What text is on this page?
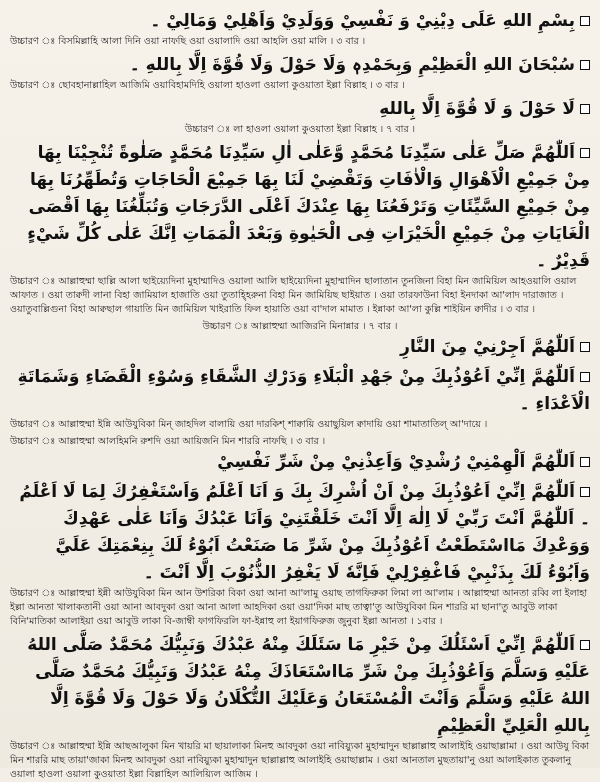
بِسْمِ اللهِ عَلَى دِيْنِيْ وَ نَفْسِيْ وَوَلَدِيْ وَاَهْلِيْ وَمَالِيْ ۔
উচ্চারণ ঃ বিসমিল্লাহি আলা দিনি ওয়া নাফছি ওয়া ওয়ালাদি ওয়া আহলি ওয়া মালি । ৩ বার ।
سُبْحَانَ اللهِ الْعَظِيْمِ وَبِحَمْدِهٖ وَلَا حَوْلَ وَلَا قُوَّةَ اِلَّا بِاللهِ ۔
উচ্চারণ ঃ ছোবহানাল্লাহিল আজিমি ওয়াবিহামদিহি ওয়ালা হাওলা ওয়ালা কুওয়াতা ইল্লা বিল্লাহ । ৩ বার ।
لَا حَوْلَ وَ لَا قُوَّةَ اِلَّا بِاللهِ
উচ্চারণ ঃ লা হাওলা ওয়ালা কুওয়াতা ইল্লা বিল্লাহ । ৭ বার ।
اَللّٰهُمَّ صَلِّ عَلٰى سَيِّدِنَا مُحَمَّدٍ وَّعَلٰى اٰلِ سَيِّدِنَا مُحَمَّدٍ صَلٰوةً تُنْجِيْنَا بِهَا مِنْ جَمِيْعِ الْاَهْوَالِ وَالْاٰفَاتِ وَتَقْضِيْ لَنَا بِهَا جَمِيْعَ الْحَاجَاتِ وَتُطَهِّرُنَا بِهَا مِنْ جَمِيْعِ السَّيِّئَاتِ وَتَرْفَعُنَا بِهَا عِنْدَكَ اَعْلَى الدَّرَجَاتِ وَتُبَلِّغُنَا بِهَا اَقْصَى الْغَايَاتِ مِنْ جَمِيْعِ الْخَيْرَاتِ فِى الْحَيٰوةِ وَبَعْدَ الْمَمَاتِ اِنَّكَ عَلٰى كُلِّ شَيْءٍ قَدِيْرٌ ۔
উচ্চারণ ঃ আল্লাহুম্মা ছাল্লি আলা ছাইয়্যেদিনা মুহাম্মাদিও ওয়ালা আলি ছাইয়্যেদিনা মুহাম্মাদিন ছালাতান তুনজিনা বিহা মিন জামিয়িল আহওয়ালি ওয়াল আফাত । ওয়া তাক্বদী লানা বিহা জামিয়াল হাজাতি ওয়া তুতাহ্হিরুনা বিহা মিন জামিয়িছ ছাইয়াত । ওয়া তারফাউনা বিহা ইনদাকা আ'লাদ দারাজাত । ওয়াতুবাল্লিগুনা বিহা আক্বছাল গায়াতি মিন জামিয়িল খাইরাতি ফিল হায়াতি ওয়া বা'দাল মামাত । ইন্নাকা আ'লা কুল্লি শাইয়িন ক্বাদীর । ৩ বার ।
উচ্চারণ ঃ আল্লাহুম্মা আজিরনি মিনান্নার । ৭ বার ।
اَللّٰهُمَّ اَجِرْنِيْ مِنَ النَّارِ
اَللّٰهُمَّ اِنِّيْ اَعُوْذُبِكَ مِنْ جَهْدِ الْبَلَاءِ وَدَرْكِ الشَّقَاءِ وَسُوْءِ الْقَضَاءِ وَشَمَاتَةِ الْاَعْدَاءِ ۔
উচ্চারণ ঃ আল্লাহুম্মা ইন্নি আউযুবিকা মিন্ জাহদিল বালায়ি ওয়া দারকিশ্ শাক্বায়ি ওয়াছুয়িল ক্বাদায়ি ওয়া শামাতাতিল্ আ'দায়ে ।
উচ্চারণ ঃ আল্লাহুম্মা আলহিমনি রুশদি ওয়া আয়িজনি মিন শাররি নাফছি । ৩ বার ।
اَللّٰهُمَّ اَلْهِمْنِيْ رُشْدِيْ وَاَعِذْنِيْ مِنْ شَرِّ نَفْسِيْ
اَللّٰهُمَّ اِنِّيْ اَعُوْذُبِكَ مِنْ اَنْ اُشْرِكَ بِكَ وَ اَنَا اَعْلَمُ وَاَسْتَغْفِرُكَ لِمَا لَا اَعْلَمُ ۔ اَللّٰهُمَّ اَنْتَ رَبِّيْ لَا اِلٰهَ اِلَّا اَنْتَ خَلَقْتَنِيْ وَاَنَا عَبْدُكَ وَاَنَا عَلٰى عَهْدِكَ وَوَعْدِكَ مَااسْتَطَعْتُ اَعُوْذُبِكَ مِنْ شَرِّ مَا صَنَعْتُ اَبُوْءُ لَكَ بِنِعْمَتِكَ عَلَيَّ وَاَبُوْءُ لَكَ بِذَنْبِيْ فَاغْفِرْلِيْ فَاِنَّهٗ لَا يَغْفِرُ الذُّنُوْبَ اِلَّا اَنْتَ ۔
উচ্চারণ ঃ আল্লাহুম্মা ইন্নী আউযুবিকা মিন আন উশরিকা বিকা ওয়া আনা আ'লামু ওয়াছ তাগফিরুকা লিমা লা আ'লাম । আল্লাহুম্মা আনতা রব্বি লা ইলাহা ইল্লা আনতা খালাকতানী ওয়া আনা আবদুকা ওয়া আনা আলা আহদিকা ওয়া ওয়া'দিকা মাছ তাত্বা'তু আউযুবিকা মিন শাররি মা ছানা'তু আবুউ লাকা বিনি'মাতিকা আলাইয়া ওয়া আবুউ লাকা বি-জাম্বী ফাগফিরলি ফা-ইন্নাহু লা ইয়াগফিরুজ জুনুবা ইল্লা আনতা । ১বার ।
اَللّٰهُمَّ اِنِّيْ اَسْئَلُكَ مِنْ خَيْرِ مَا سَئَلَكَ مِنْهُ عَبْدُكَ وَنَبِيُّكَ مُحَمَّدٌ صَلَّى اللهُ عَلَيْهِ وَسَلَّمَ وَاَعُوْذُبِكَ مِنْ شَرِّ مَااسْتَعَاذَكَ مِنْهُ عَبْدُكَ وَنَبِيُّكَ مُحَمَّدٌ صَلَّى اللهُ عَلَيْهِ وَسَلَّمَ وَاَنْتَ الْمُسْتَعَانُ وَعَلَيْكَ التُّكْلَانُ وَلَا حَوْلَ وَلَا قُوَّةَ اِلَّا بِاللهِ الْعَلِيِّ الْعَظِيْمِ
উচ্চারণ ঃ আল্লাহুম্মা ইন্নি আছআলুকা মিন খায়রি মা ছায়ালাকা মিনহু আবদুকা ওয়া নাবিয়্যুকা মুহাম্মাদুন ছাল্লাল্লাহু আলাইহি ওয়াছাল্লামা । ওয়া আউযু বিকা মিন শাররি মাছ তায়া'জাকা মিনহু আবদুকা ওয়া নাবিয়্যুকা মুহাম্মাদুন ছাল্লাল্লাহু আলাইহি ওয়াছাল্লাম । ওয়া আনতাল মুছতায়া'নু ওয়া আলাইকাত তুকলানু ওয়ালা হাওলা ওয়ালা কুওয়াতা ইল্লা বিল্লাহিল আলিয়্যিল আজিম ।
